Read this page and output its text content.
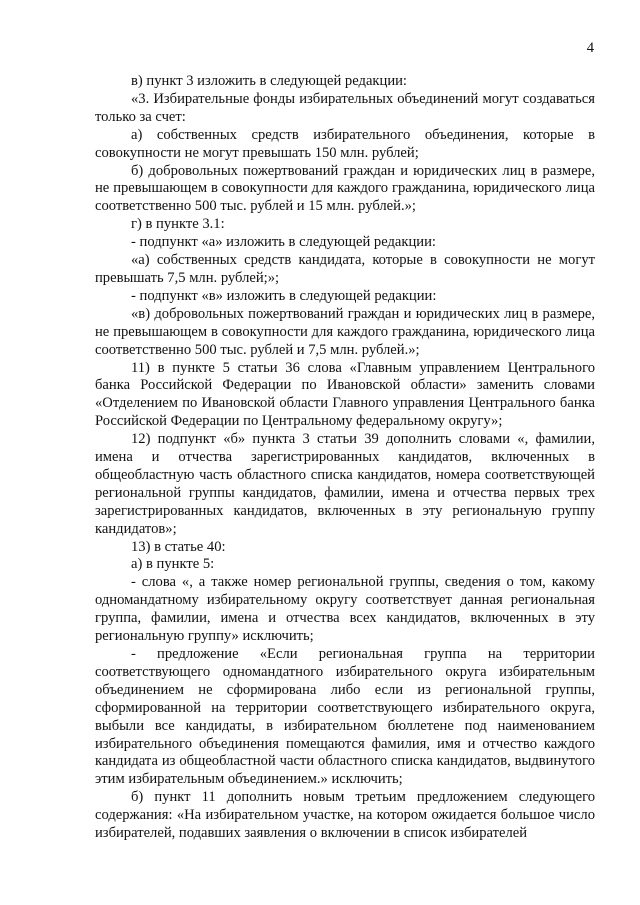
4

в) пункт 3 изложить в следующей редакции:

«3. Избирательные фонды избирательных объединений могут создаваться только за счет:

а) собственных средств избирательного объединения, которые в совокупности не могут превышать 150 млн. рублей;

б) добровольных пожертвований граждан и юридических лиц в размере, не превышающем в совокупности для каждого гражданина, юридического лица соответственно 500 тыс. рублей и 15 млн. рублей.»;

г) в пункте 3.1:

- подпункт «а» изложить в следующей редакции:

«а) собственных средств кандидата, которые в совокупности не могут превышать 7,5 млн. рублей;»;

- подпункт «в» изложить в следующей редакции:

«в) добровольных пожертвований граждан и юридических лиц в размере, не превышающем в совокупности для каждого гражданина, юридического лица соответственно 500 тыс. рублей и 7,5 млн. рублей.»;

11) в пункте 5 статьи 36 слова «Главным управлением Центрального банка Российской Федерации по Ивановской области» заменить словами «Отделением по Ивановской области Главного управления Центрального банка Российской Федерации по Центральному федеральному округу»;

12) подпункт «б» пункта 3 статьи 39 дополнить словами «, фамилии, имена и отчества зарегистрированных кандидатов, включенных в общеобластную часть областного списка кандидатов, номера соответствующей региональной группы кандидатов, фамилии, имена и отчества первых трех зарегистрированных кандидатов, включенных в эту региональную группу кандидатов»;

13) в статье 40:

а) в пункте 5:

- слова «, а также номер региональной группы, сведения о том, какому одномандатному избирательному округу соответствует данная региональная группа, фамилии, имена и отчества всех кандидатов, включенных в эту региональную группу» исключить;

- предложение «Если региональная группа на территории соответствующего одномандатного избирательного округа избирательным объединением не сформирована либо если из региональной группы, сформированной на территории соответствующего избирательного округа, выбыли все кандидаты, в избирательном бюллетене под наименованием избирательного объединения помещаются фамилия, имя и отчество каждого кандидата из общеобластной части областного списка кандидатов, выдвинутого этим избирательным объединением.» исключить;

б) пункт 11 дополнить новым третьим предложением следующего содержания: «На избирательном участке, на котором ожидается большое число избирателей, подавших заявления о включении в список избирателей
